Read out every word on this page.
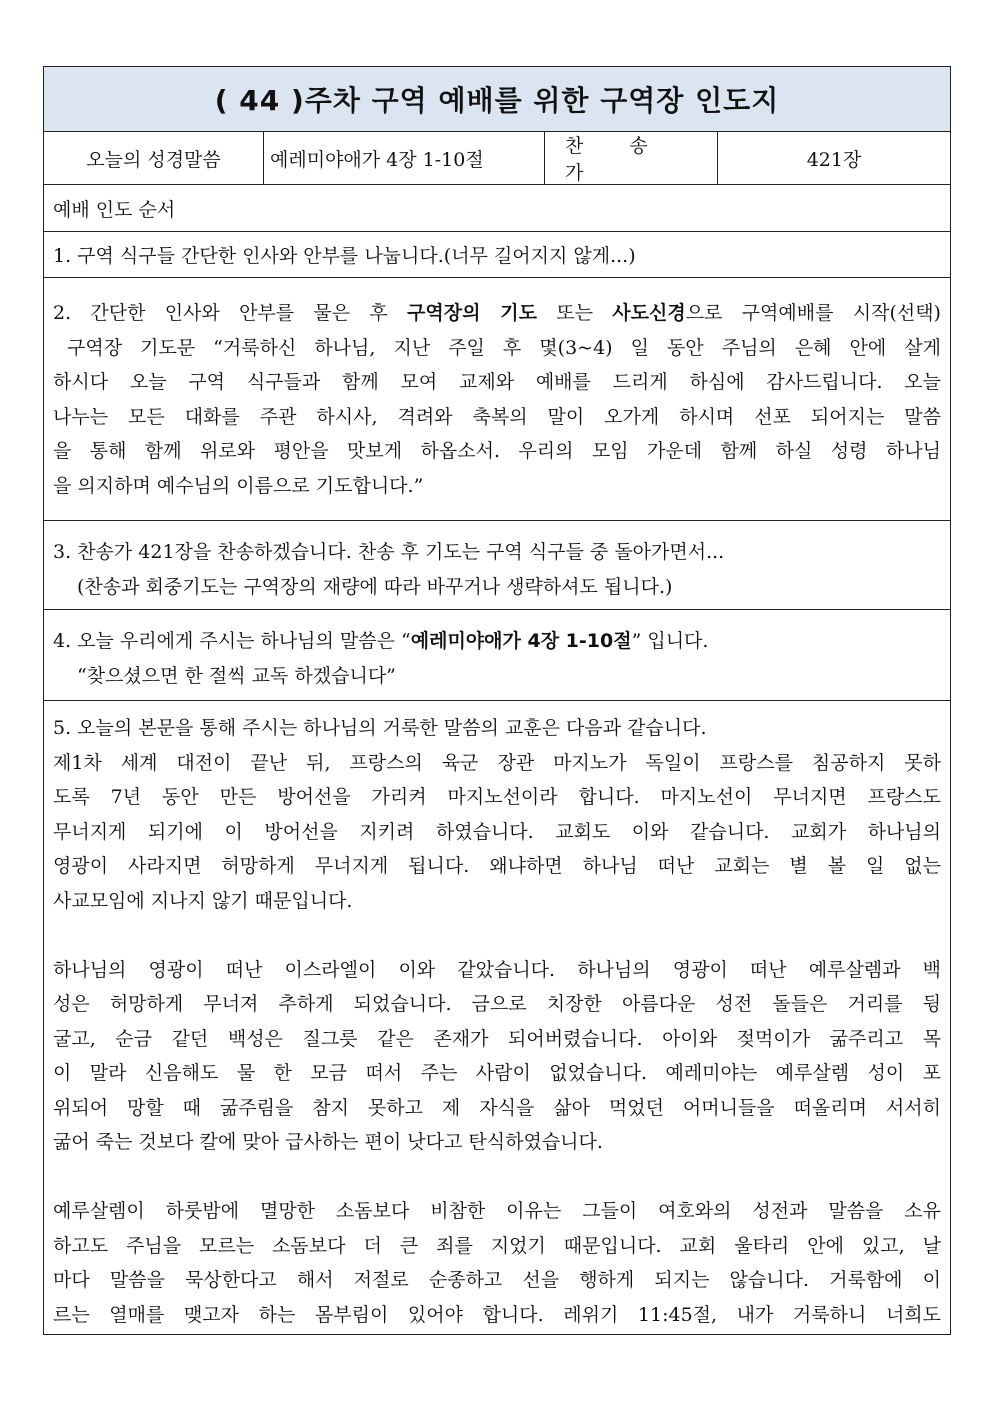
( 44 )주차 구역 예배를 위한 구역장 인도지
오늘의 성경말씀	예레미야애가 4장 1-10절
찬 송 가
421장
예배 인도 순서
1. 구역 식구들 간단한 인사와 안부를 나눕니다.(너무 길어지지 않게...)
2. 간단한 인사와 안부를 물은 후 구역장의 기도 또는 사도신경으로 구역예배를 시작(선택)
구역장 기도문 “거룩하신 하나님, 지난 주일 후 몇(3~4) 일 동안 주님의 은혜 안에 살게
하시다 오늘 구역 식구들과 함께 모여 교제와 예배를 드리게 하심에 감사드립니다. 오늘
나누는 모든 대화를 주관 하시사, 격려와 축복의 말이 오가게 하시며 선포 되어지는 말씀
을 통해 함께 위로와 평안을 맛보게 하옵소서. 우리의 모임 가운데 함께 하실 성령 하나님
을 의지하며 예수님의 이름으로 기도합니다.”
3. 찬송가 421장을 찬송하겠습니다. 찬송 후 기도는 구역 식구들 중 돌아가면서...
(찬송과 회중기도는 구역장의 재량에 따라 바꾸거나 생략하셔도 됩니다.)
4. 오늘 우리에게 주시는 하나님의 말씀은 “예레미야애가 4장 1-10절” 입니다.
“찾으셨으면 한 절씩 교독 하겠습니다”
5. 오늘의 본문을 통해 주시는 하나님의 거룩한 말씀의 교훈은 다음과 같습니다.
제1차 세계 대전이 끝난 뒤, 프랑스의 육군 장관 마지노가 독일이 프랑스를 침공하지 못하
도록 7년 동안 만든 방어선을 가리켜 마지노선이라 합니다. 마지노선이 무너지면 프랑스도
무너지게 되기에 이 방어선을 지키려 하였습니다. 교회도 이와 같습니다. 교회가 하나님의
영광이 사라지면 허망하게 무너지게 됩니다. 왜냐하면 하나님 떠난 교회는 별 볼 일 없는
사교모임에 지나지 않기 때문입니다.
하나님의 영광이 떠난 이스라엘이 이와 같았습니다. 하나님의 영광이 떠난 예루살렘과 백
성은 허망하게 무너져 추하게 되었습니다. 금으로 치장한 아름다운 성전 돌들은 거리를 뒹
굴고, 순금 같던 백성은 질그릇 같은 존재가 되어버렸습니다. 아이와 젖먹이가 굶주리고 목
이 말라 신음해도 물 한 모금 떠서 주는 사람이 없었습니다. 예레미야는 예루살렘 성이 포
위되어 망할 때 굶주림을 참지 못하고 제 자식을 삶아 먹었던 어머니들을 떠올리며 서서히
굶어 죽는 것보다 칼에 맞아 급사하는 편이 낫다고 탄식하였습니다.
예루살렘이 하룻밤에 멸망한 소돔보다 비참한 이유는 그들이 여호와의 성전과 말씀을 소유
하고도 주님을 모르는 소돔보다 더 큰 죄를 지었기 때문입니다. 교회 울타리 안에 있고, 날
마다 말씀을 묵상한다고 해서 저절로 순종하고 선을 행하게 되지는 않습니다. 거룩함에 이
르는 열매를 맺고자 하는 몸부림이 있어야 합니다. 레위기 11:45절, 내가 거룩하니 너희도
